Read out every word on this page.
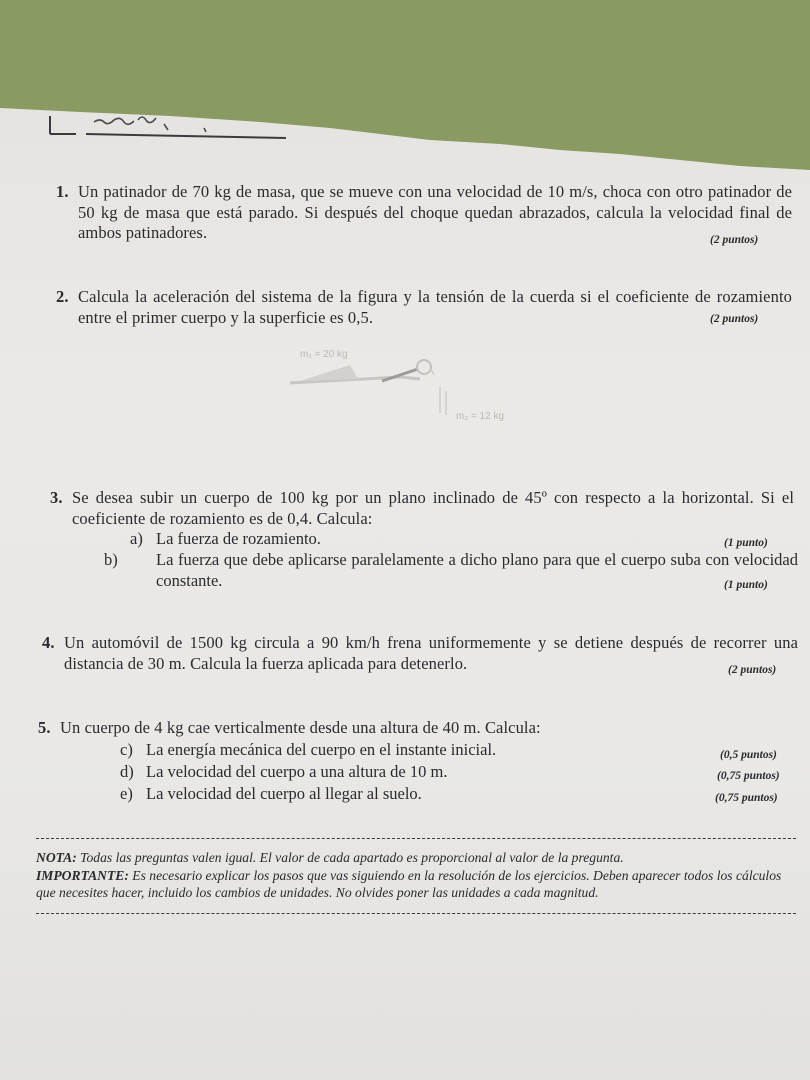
1. Un patinador de 70 kg de masa, que se mueve con una velocidad de 10 m/s, choca con otro patinador de 50 kg de masa que está parado. Si después del choque quedan abrazados, calcula la velocidad final de ambos patinadores.	(2 puntos)
2. Calcula la aceleración del sistema de la figura y la tensión de la cuerda si el coeficiente de rozamiento entre el primer cuerpo y la superficie es 0,5.	(2 puntos)
m₁ = 20 kg
m₂ = 12 kg
3. Se desea subir un cuerpo de 100 kg por un plano inclinado de 45º con respecto a la horizontal. Si el coeficiente de rozamiento es de 0,4. Calcula:

a) La fuerza de rozamiento.	(1 punto)
b) La fuerza que debe aplicarse paralelamente a dicho plano para que el cuerpo suba con velocidad constante.	(1 punto)
4. Un automóvil de 1500 kg circula a 90 km/h frena uniformemente y se detiene después de recorrer una distancia de 30 m. Calcula la fuerza aplicada para detenerlo.	(2 puntos)
5. Un cuerpo de 4 kg cae verticalmente desde una altura de 40 m. Calcula:

c) La energía mecánica del cuerpo en el instante inicial.	(0,5 puntos)
d) La velocidad del cuerpo a una altura de 10 m.	(0,75 puntos)
e) La velocidad del cuerpo al llegar al suelo.	(0,75 puntos)
NOTA: Todas las preguntas valen igual. El valor de cada apartado es proporcional al valor de la pregunta.
IMPORTANTE: Es necesario explicar los pasos que vas siguiendo en la resolución de los ejercicios. Deben aparecer todos los cálculos que necesites hacer, incluido los cambios de unidades. No olvides poner las unidades a cada magnitud.
